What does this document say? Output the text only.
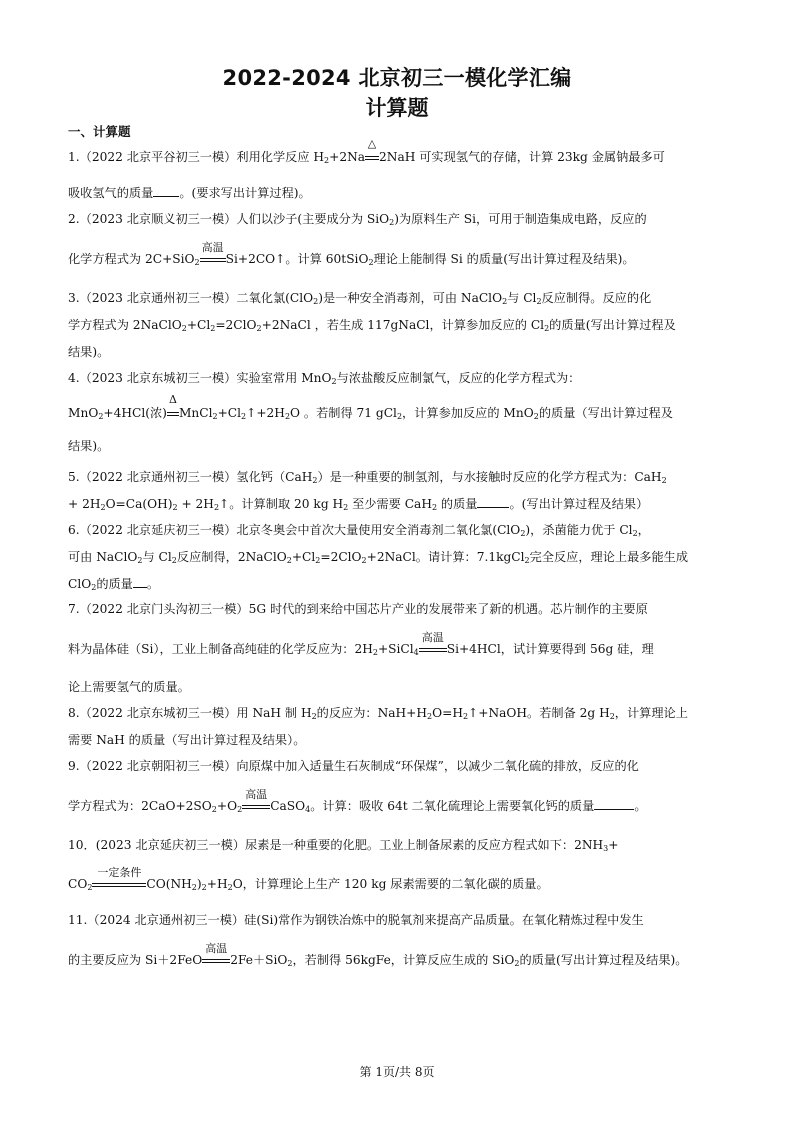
2022-2024 北京初三一模化学汇编
计算题
一、计算题
1.（2022 北京平谷初三一模）利用化学反应 $H_2+2Na$
△
2NaH 可实现氢气的存储，计算 23kg 金属钠最多可
吸收氢气的质量 。(要求写出计算过程)。
2.（2023 北京顺义初三一模）人们以沙子(主要成分为 SiO$_2$)为原料生产 Si，可用于制造集成电路，反应的
化学方程式为 2C+SiO$_2$
高温
Si+2CO↑。计算 60tSiO$_2$理论上能制得 Si 的质量(写出计算过程及结果)。
3.（2023 北京通州初三一模）二氧化氯(ClO$_2$)是一种安全消毒剂，可由 NaClO$_2$与 $Cl_2$反应制得。反应的化
学方程式为 $2NaClO_2+Cl_2=2ClO_2+2NaCl$ ，若生成 117gNaCl，计算参加反应的 $Cl_2$的质量(写出计算过程及
结果)。
4.（2023 北京东城初三一模）实验室常用 MnO$_2$与浓盐酸反应制氯气，反应的化学方程式为：
MnO$_2$+4HCl(浓)
Δ
$MnCl_2+Cl_2↑+2H_2O$ 。若制得 71 gCl$_2$，计算参加反应的 MnO$_2$的质量（写出计算过程及
结果)。
5.（2022 北京通州初三一模）氢化钙（CaH$_2$）是一种重要的制氢剂，与水接触时反应的化学方程式为：CaH$_2$
+ $2H_2O=Ca(OH)_2$ + $2H_2↑$。计算制取 20 kg $H_2$ 至少需要 CaH$_2$ 的质量	。(写出计算过程及结果）
6.（2022 北京延庆初三一模）北京冬奥会中首次大量使用安全消毒剂二氧化氯(ClO$_2$)，杀菌能力优于 $Cl_2$，
可由 NaClO$_2$与 $Cl_2$反应制得，$2NaClO_2+Cl_2=2ClO_2+2NaCl$。请计算：7.1kgCl$_2$完全反应，理论上最多能生成
ClO$_2$的质量 。
7.（2022 北京门头沟初三一模）5G 时代的到来给中国芯片产业的发展带来了新的机遇。芯片制作的主要原
料为晶体硅（Si），工业上制备高纯硅的化学反应为：$2H_2+SiCl_4$
高温
Si+4HCl，试计算要得到 56g 硅，理
论上需要氢气的质量。
8.（2022 北京东城初三一模）用 NaH 制 $H_2$的反应为：$NaH+H_2O=H_2↑+NaOH$。若制备 2g $H_2$，计算理论上
需要 NaH 的质量（写出计算过程及结果）。
9.（2022 北京朝阳初三一模）向原煤中加入适量生石灰制成“环保煤”，以减少二氧化硫的排放，反应的化
学方程式为：$2CaO+2SO_2+O_2$
高温
CaSO$_4$。计算：吸收 64t 二氧化硫理论上需要氧化钙的质量	。
10．(2023 北京延庆初三一模）尿素是一种重要的化肥。工业上制备尿素的反应方程式如下：$2NH_3+$
$CO_2$
一定条件
$CO(NH_2)_2+H_2O$，计算理论上生产 120 kg 尿素需要的二氧化碳的质量。
11.（2024 北京通州初三一模）硅(Si)常作为钢铁冶炼中的脱氧剂来提高产品质量。在氧化精炼过程中发生
的主要反应为 Si＋2FeO
高温
2Fe＋SiO$_2$，若制得 56kgFe，计算反应生成的 SiO$_2$的质量(写出计算过程及结果)。
第 1页/共 8页
